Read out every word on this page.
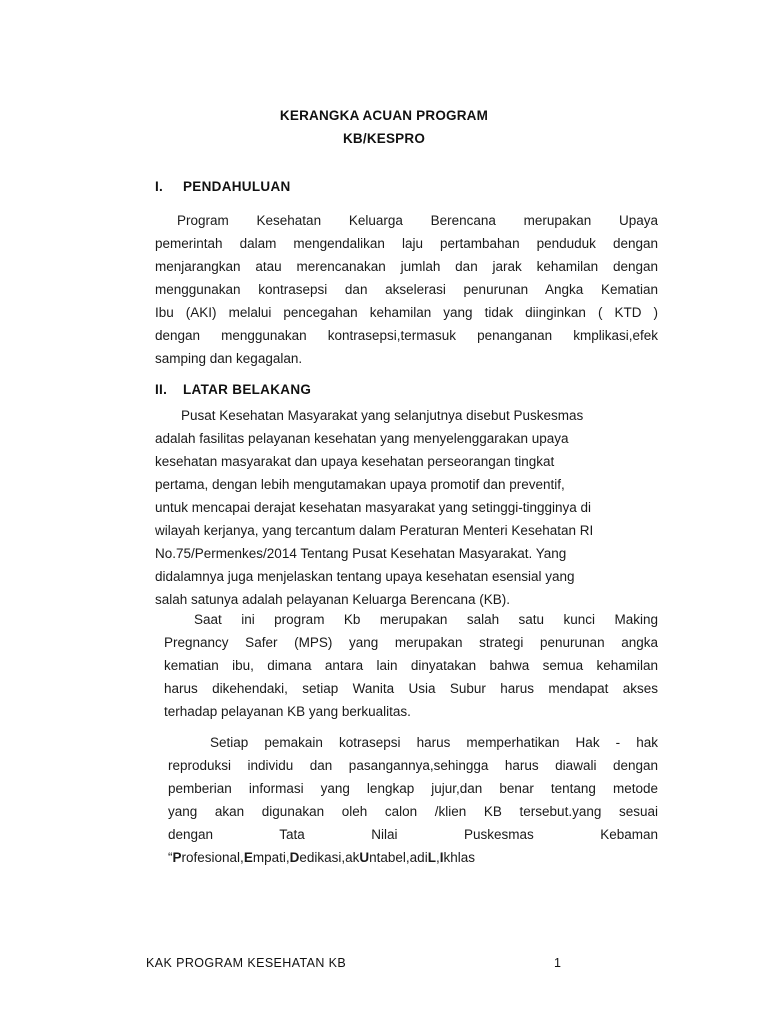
KERANGKA ACUAN PROGRAM
KB/KESPRO
I. PENDAHULUAN
Program Kesehatan Keluarga Berencana merupakan Upaya
pemerintah dalam mengendalikan laju pertambahan penduduk dengan
menjarangkan atau merencanakan jumlah dan jarak kehamilan dengan
menggunakan kontrasepsi dan akselerasi penurunan Angka Kematian
Ibu (AKI) melalui pencegahan kehamilan yang tidak diinginkan ( KTD )
dengan menggunakan kontrasepsi,termasuk penanganan kmplikasi,efek
samping dan kegagalan.
II. LATAR BELAKANG
Pusat Kesehatan Masyarakat yang selanjutnya disebut Puskesmas
adalah fasilitas pelayanan kesehatan yang menyelenggarakan upaya
kesehatan masyarakat dan upaya kesehatan perseorangan tingkat
pertama, dengan lebih mengutamakan upaya promotif dan preventif,
untuk mencapai derajat kesehatan masyarakat yang setinggi-tingginya di
wilayah kerjanya, yang tercantum dalam Peraturan Menteri Kesehatan RI
No.75/Permenkes/2014 Tentang Pusat Kesehatan Masyarakat. Yang
didalamnya juga menjelaskan tentang upaya kesehatan esensial yang
salah satunya adalah pelayanan Keluarga Berencana (KB).
Saat ini program Kb merupakan salah satu kunci Making
Pregnancy Safer (MPS) yang merupakan strategi penurunan angka
kematian ibu, dimana antara lain dinyatakan bahwa semua kehamilan
harus dikehendaki, setiap Wanita Usia Subur harus mendapat akses
terhadap pelayanan KB yang berkualitas.
Setiap pemakain kotrasepsi harus memperhatikan Hak - hak
reproduksi individu dan pasangannya,sehingga harus diawali dengan
pemberian informasi yang lengkap jujur,dan benar tentang metode
yang akan digunakan oleh calon /klien KB tersebut.yang sesuai
dengan Tata Nilai Puskesmas Kebaman
“Profesional,Empati,Dedikasi,akUntabel,adiL,Ikhlas
KAK PROGRAM KESEHATAN KB	1
